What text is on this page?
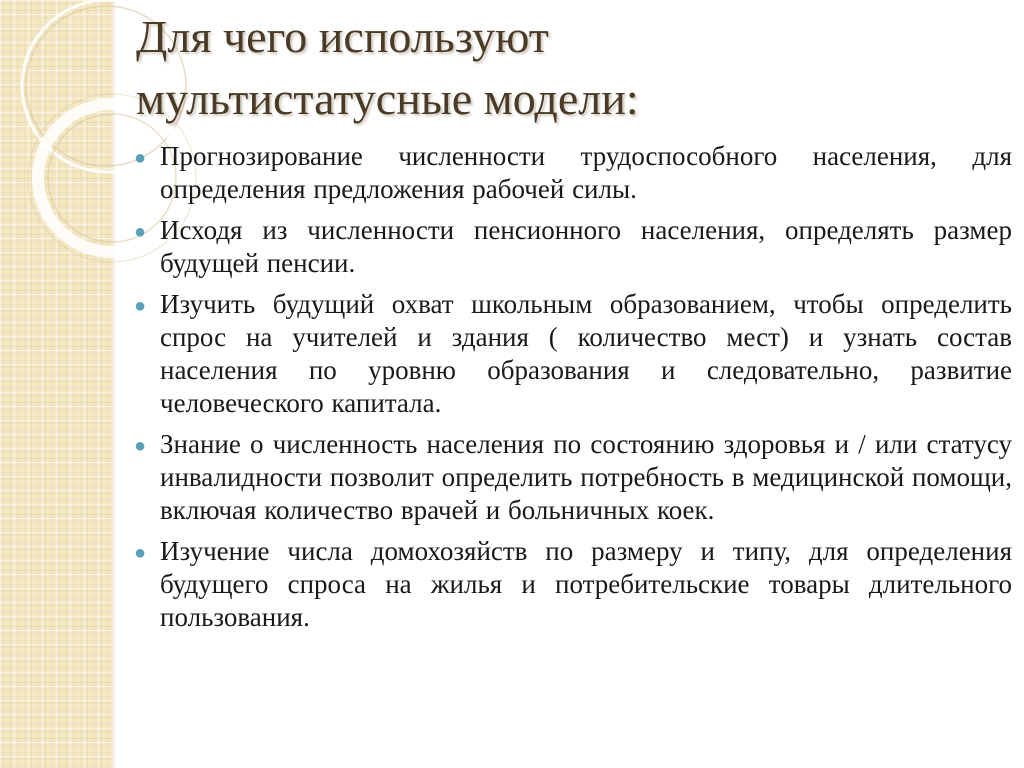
Для чего используют
мультистатусные модели:
● Прогнозирование численности трудоспособного населения, для определения предложения рабочей силы.
● Исходя из численности пенсионного населения, определять размер будущей пенсии.
● Изучить будущий охват школьным образованием, чтобы определить спрос на учителей и здания ( количество мест) и узнать состав населения по уровню образования и следовательно, развитие человеческого капитала.
● Знание о численность населения по состоянию здоровья и / или статусу инвалидности позволит определить потребность в медицинской помощи, включая количество врачей и больничных коек.
● Изучение числа домохозяйств по размеру и типу, для определения будущего спроса на жилья и потребительские товары длительного пользования.
